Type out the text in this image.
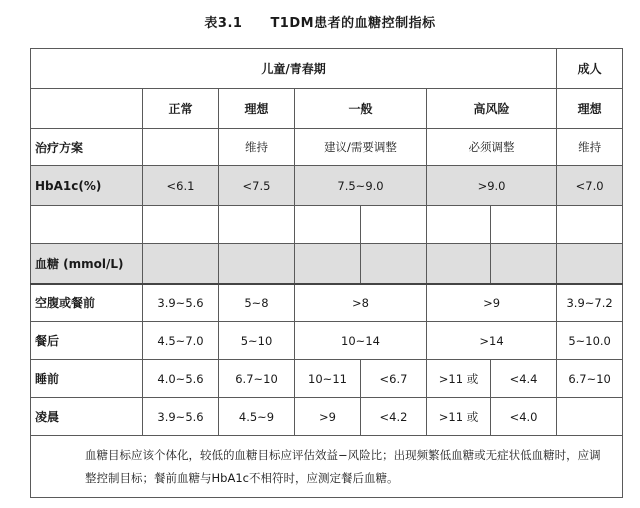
表3.1 T1DM患者的血糖控制指标
儿童/青春期							成人
	正常	理想	一般		高风险		理想
治疗方案		维持	建议/需要调整		必须调整		维持
HbA1c(%)	<6.1	<7.5	7.5~9.0		>9.0		<7.0

血糖 (mmol/L)							
空腹或餐前	3.9~5.6	5~8	>8		>9		3.9~7.2
餐后	4.5~7.0	5~10	10~14		>14		5~10.0
睡前	4.0~5.6	6.7~10	10~11	<6.7	>11 或	<4.4	6.7~10
凌晨	3.9~5.6	4.5~9	>9	<4.2	>11 或	<4.0	
血糖目标应该个体化，较低的血糖目标应评估效益−风险比；出现频繁低血糖或无症状低血糖时，应调整控制目标；餐前血糖与HbA1c不相符时，应测定餐后血糖。							
